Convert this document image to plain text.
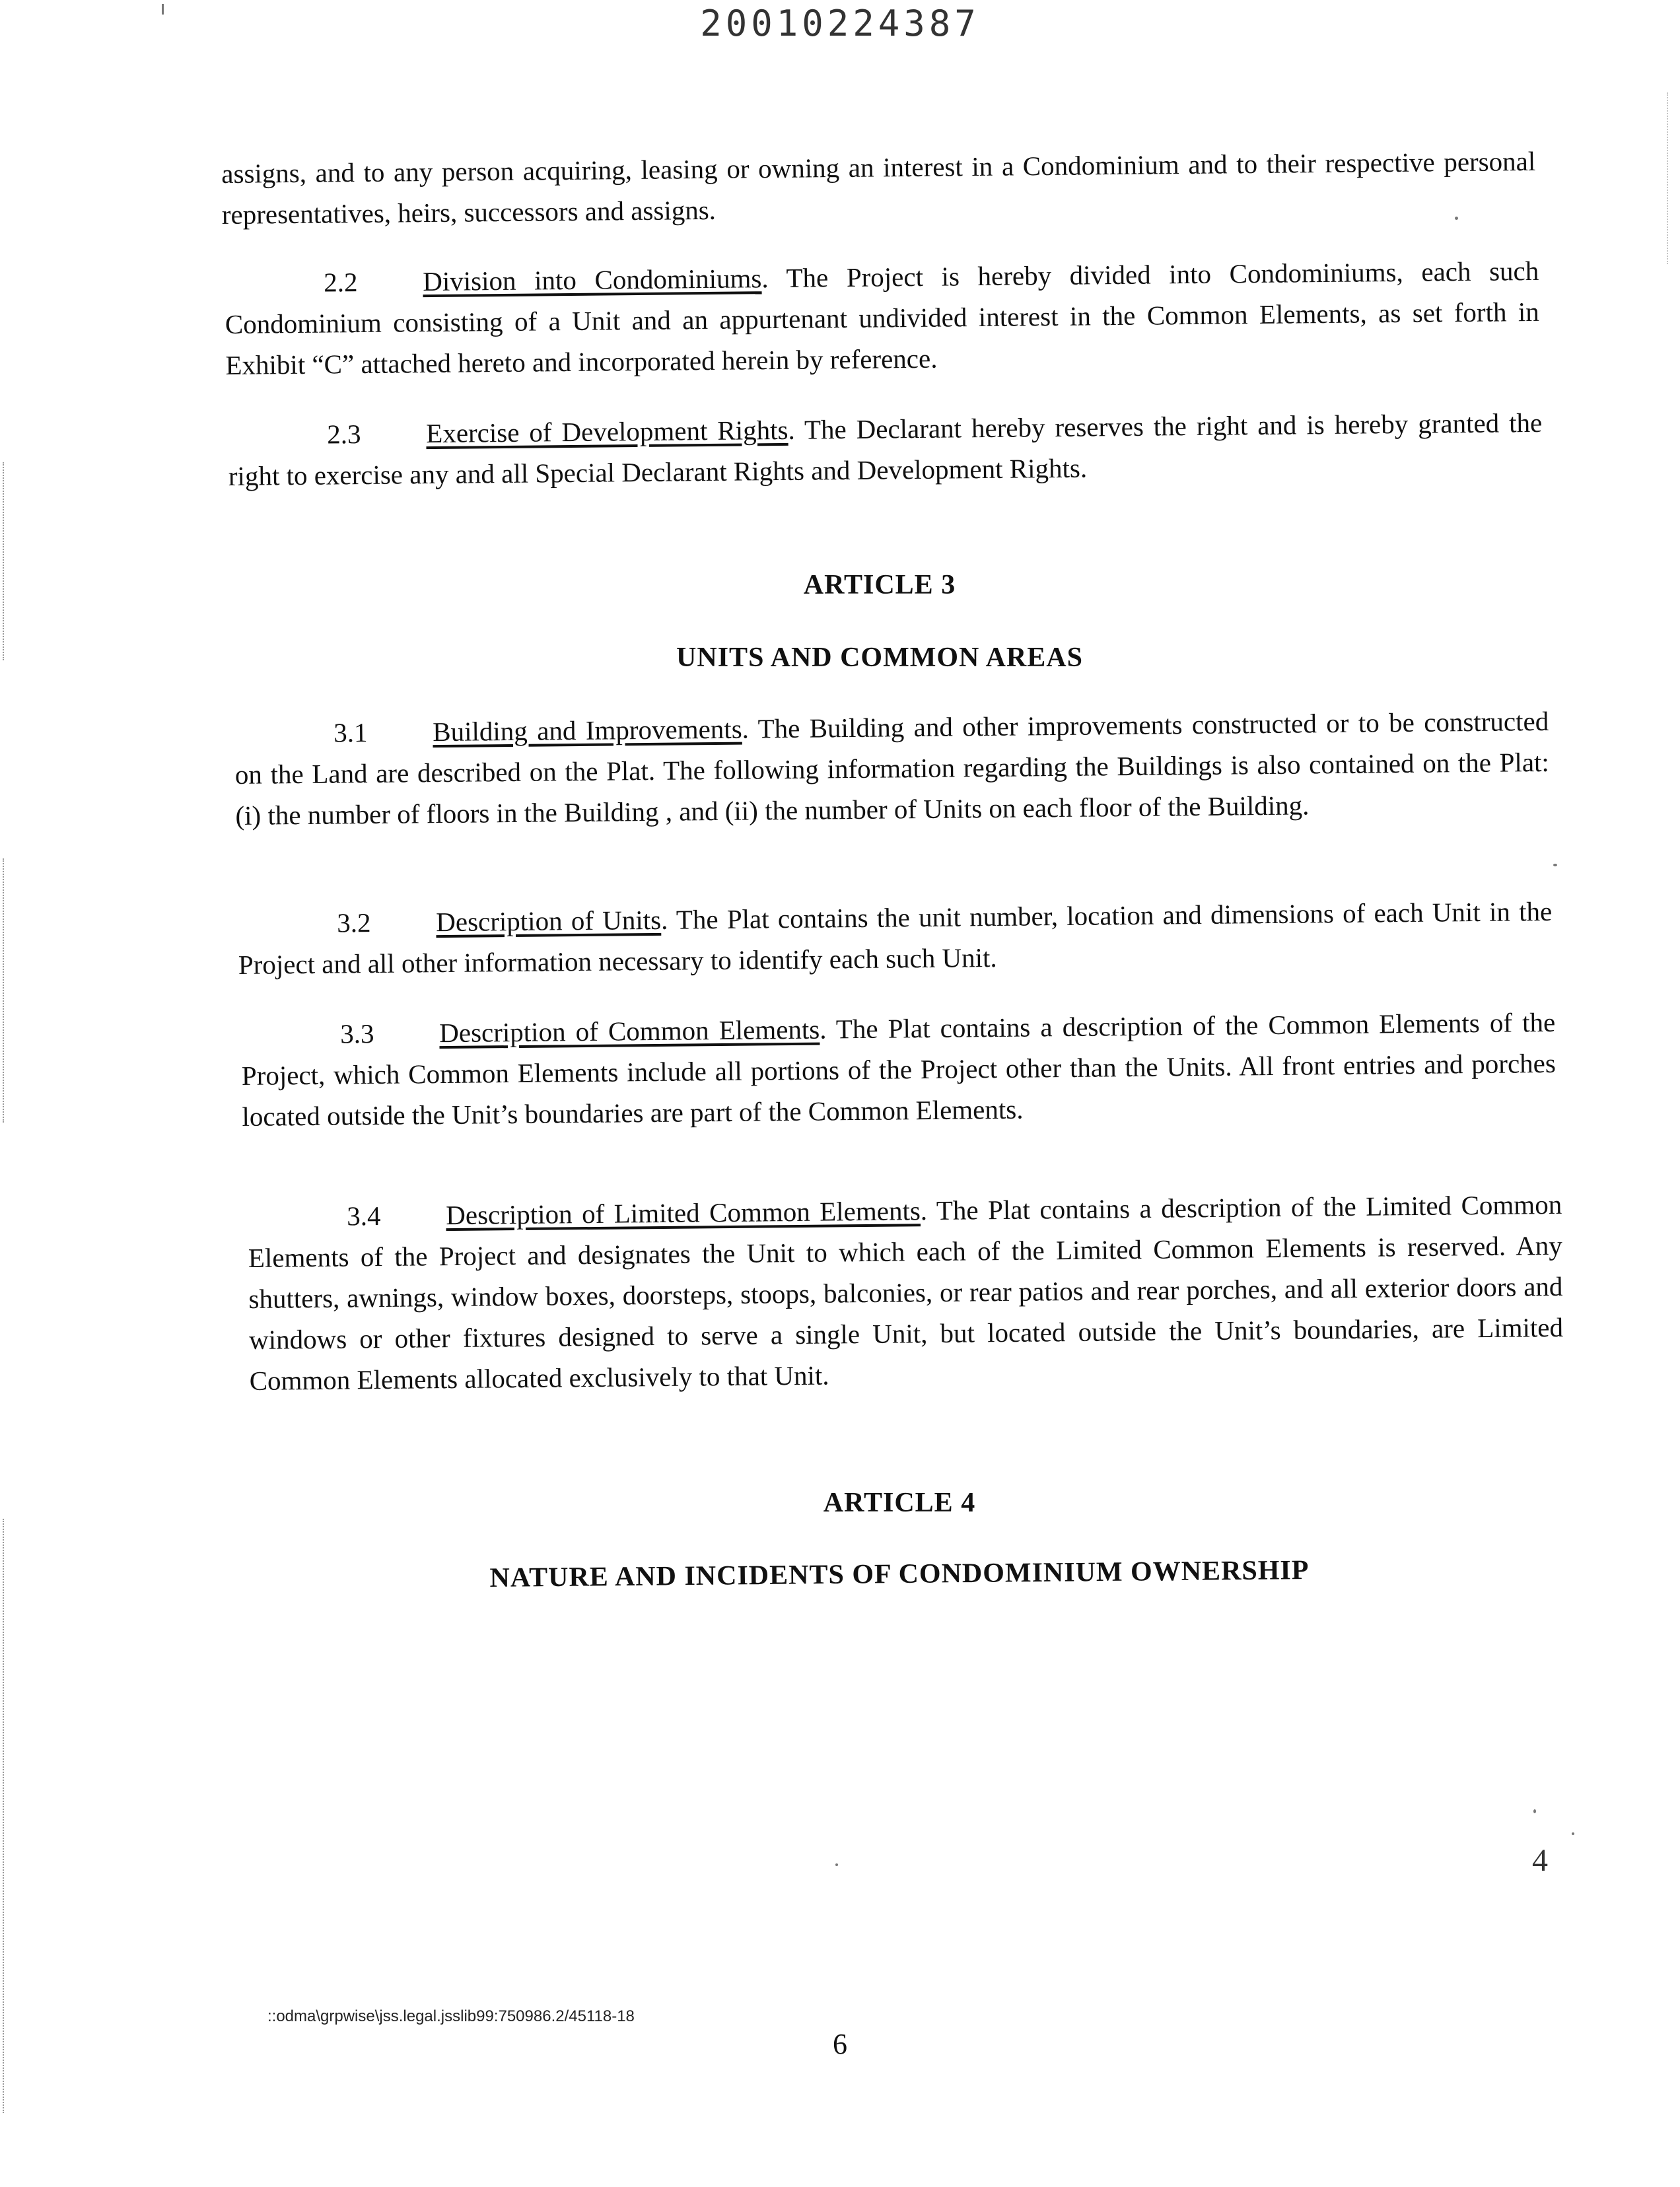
20010224387
assigns, and to any person acquiring, leasing or owning an interest in a Condominium and to their respective personal representatives, heirs, successors and assigns.
2.2 Division into Condominiums. The Project is hereby divided into Condominiums, each such Condominium consisting of a Unit and an appurtenant undivided interest in the Common Elements, as set forth in Exhibit “C” attached hereto and incorporated herein by reference.
2.3 Exercise of Development Rights. The Declarant hereby reserves the right and is hereby granted the right to exercise any and all Special Declarant Rights and Development Rights.
ARTICLE 3
UNITS AND COMMON AREAS
3.1 Building and Improvements. The Building and other improvements constructed or to be constructed on the Land are described on the Plat. The following information regarding the Buildings is also contained on the Plat: (i) the number of floors in the Building , and (ii) the number of Units on each floor of the Building.
3.2 Description of Units. The Plat contains the unit number, location and dimensions of each Unit in the Project and all other information necessary to identify each such Unit.
3.3 Description of Common Elements. The Plat contains a description of the Common Elements of the Project, which Common Elements include all portions of the Project other than the Units. All front entries and porches located outside the Unit’s boundaries are part of the Common Elements.
3.4 Description of Limited Common Elements. The Plat contains a description of the Limited Common Elements of the Project and designates the Unit to which each of the Limited Common Elements is reserved. Any shutters, awnings, window boxes, doorsteps, stoops, balconies, or rear patios and rear porches, and all exterior doors and windows or other fixtures designed to serve a single Unit, but located outside the Unit’s boundaries, are Limited Common Elements allocated exclusively to that Unit.
ARTICLE 4
NATURE AND INCIDENTS OF CONDOMINIUM OWNERSHIP
4
::odma\grpwise\jss.legal.jsslib99:750986.2/45118-18
6
